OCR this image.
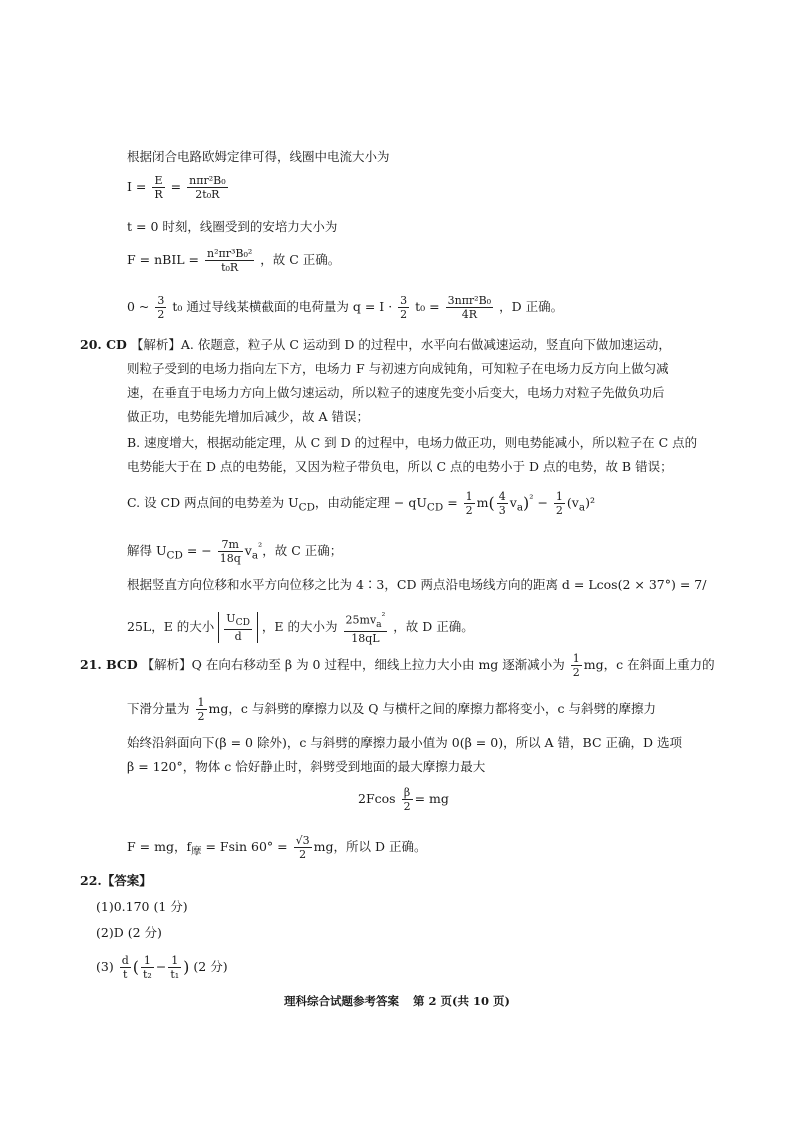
根据闭合电路欧姆定律可得，线圈中电流大小为
$I = \frac{E}{R} = \frac{\text{nπr²B₀}}{\text{2t₀R}}$
t = 0 时刻，线圈受到的安培力大小为
F = nBIL = $\frac{\text{n²πr³B₀²}}{\text{t₀R}}$ ，故 C 正确。
0 ~ $\frac{3}{2} t_0$ 通过导线某横截面的电荷量为 $q = I \cdot \frac{3}{2} t_0 = \frac{\text{3nπr²B₀}}{4R}$ ，D 正确。
20. CD 【解析】A. 依题意，粒子从 C 运动到 D 的过程中，水平向右做减速运动，竖直向下做加速运动，
则粒子受到的电场力指向左下方，电场力 F 与初速方向成钝角，可知粒子在电场力反方向上做匀减
速，在垂直于电场力方向上做匀速运动，所以粒子的速度先变小后变大，电场力对粒子先做负功后
做正功，电势能先增加后减少，故 A 错误；
B. 速度增大，根据动能定理，从 C 到 D 的过程中，电场力做正功，则电势能减小，所以粒子在 C 点的
电势能大于在 D 点的电势能，又因为粒子带负电，所以 C 点的电势小于 D 点的电势，故 B 错误；
C. 设 CD 两点间的电势差为 $U_{CD}$，由动能定理 − $qU_{CD} = \frac{1}{2} m( \frac{4}{3} v_a)^{^2} - \frac{1}{2} (v_a)^2$
解得 $U_{CD}$ = − $\frac{7m}{18q} v_a^{^2}$，故 C 正确；
根据竖直方向位移和水平方向位移之比为 4∶3，CD 两点沿电场线方向的距离 d = Lcos(2 × 37°) = 7/
25L，E 的大小 $\frac{U_{CD}}{d}$ ，E 的大小为 $\frac{25mv_a^{^2}}{18qL}$ ，故 D 正确。
21. BCD 【解析】Q 在向右移动至 β 为 0 过程中，细线上拉力大小由 mg 逐渐减小为 $\frac{1}{2}$ mg，c 在斜面上重力的
下滑分量为 $\frac{1}{2}$ mg，c 与斜劈的摩擦力以及 Q 与横杆之间的摩擦力都将变小，c 与斜劈的摩擦力
始终沿斜面向下(β = 0 除外)，c 与斜劈的摩擦力最小值为 0(β = 0)，所以 A 错，BC 正确，D 选项
β = 120°，物体 c 恰好静止时，斜劈受到地面的最大摩擦力最大
$2Fcos \frac{\beta}{2}$ = mg
F = mg，$f_摩 = Fsin$ $60^\circ = \frac{√3}{2}$ mg，所以 D 正确。
22.【答案】
(1)0.170 (1 分)
(2)D (2 分)
$(3) \frac{d}{t}$ ( $\frac{1}{\text{t₂}} - \frac{1}{\text{t₁}}$ ) (2 分)
理科综合试题参考答案 第 2 页(共 10 页)
